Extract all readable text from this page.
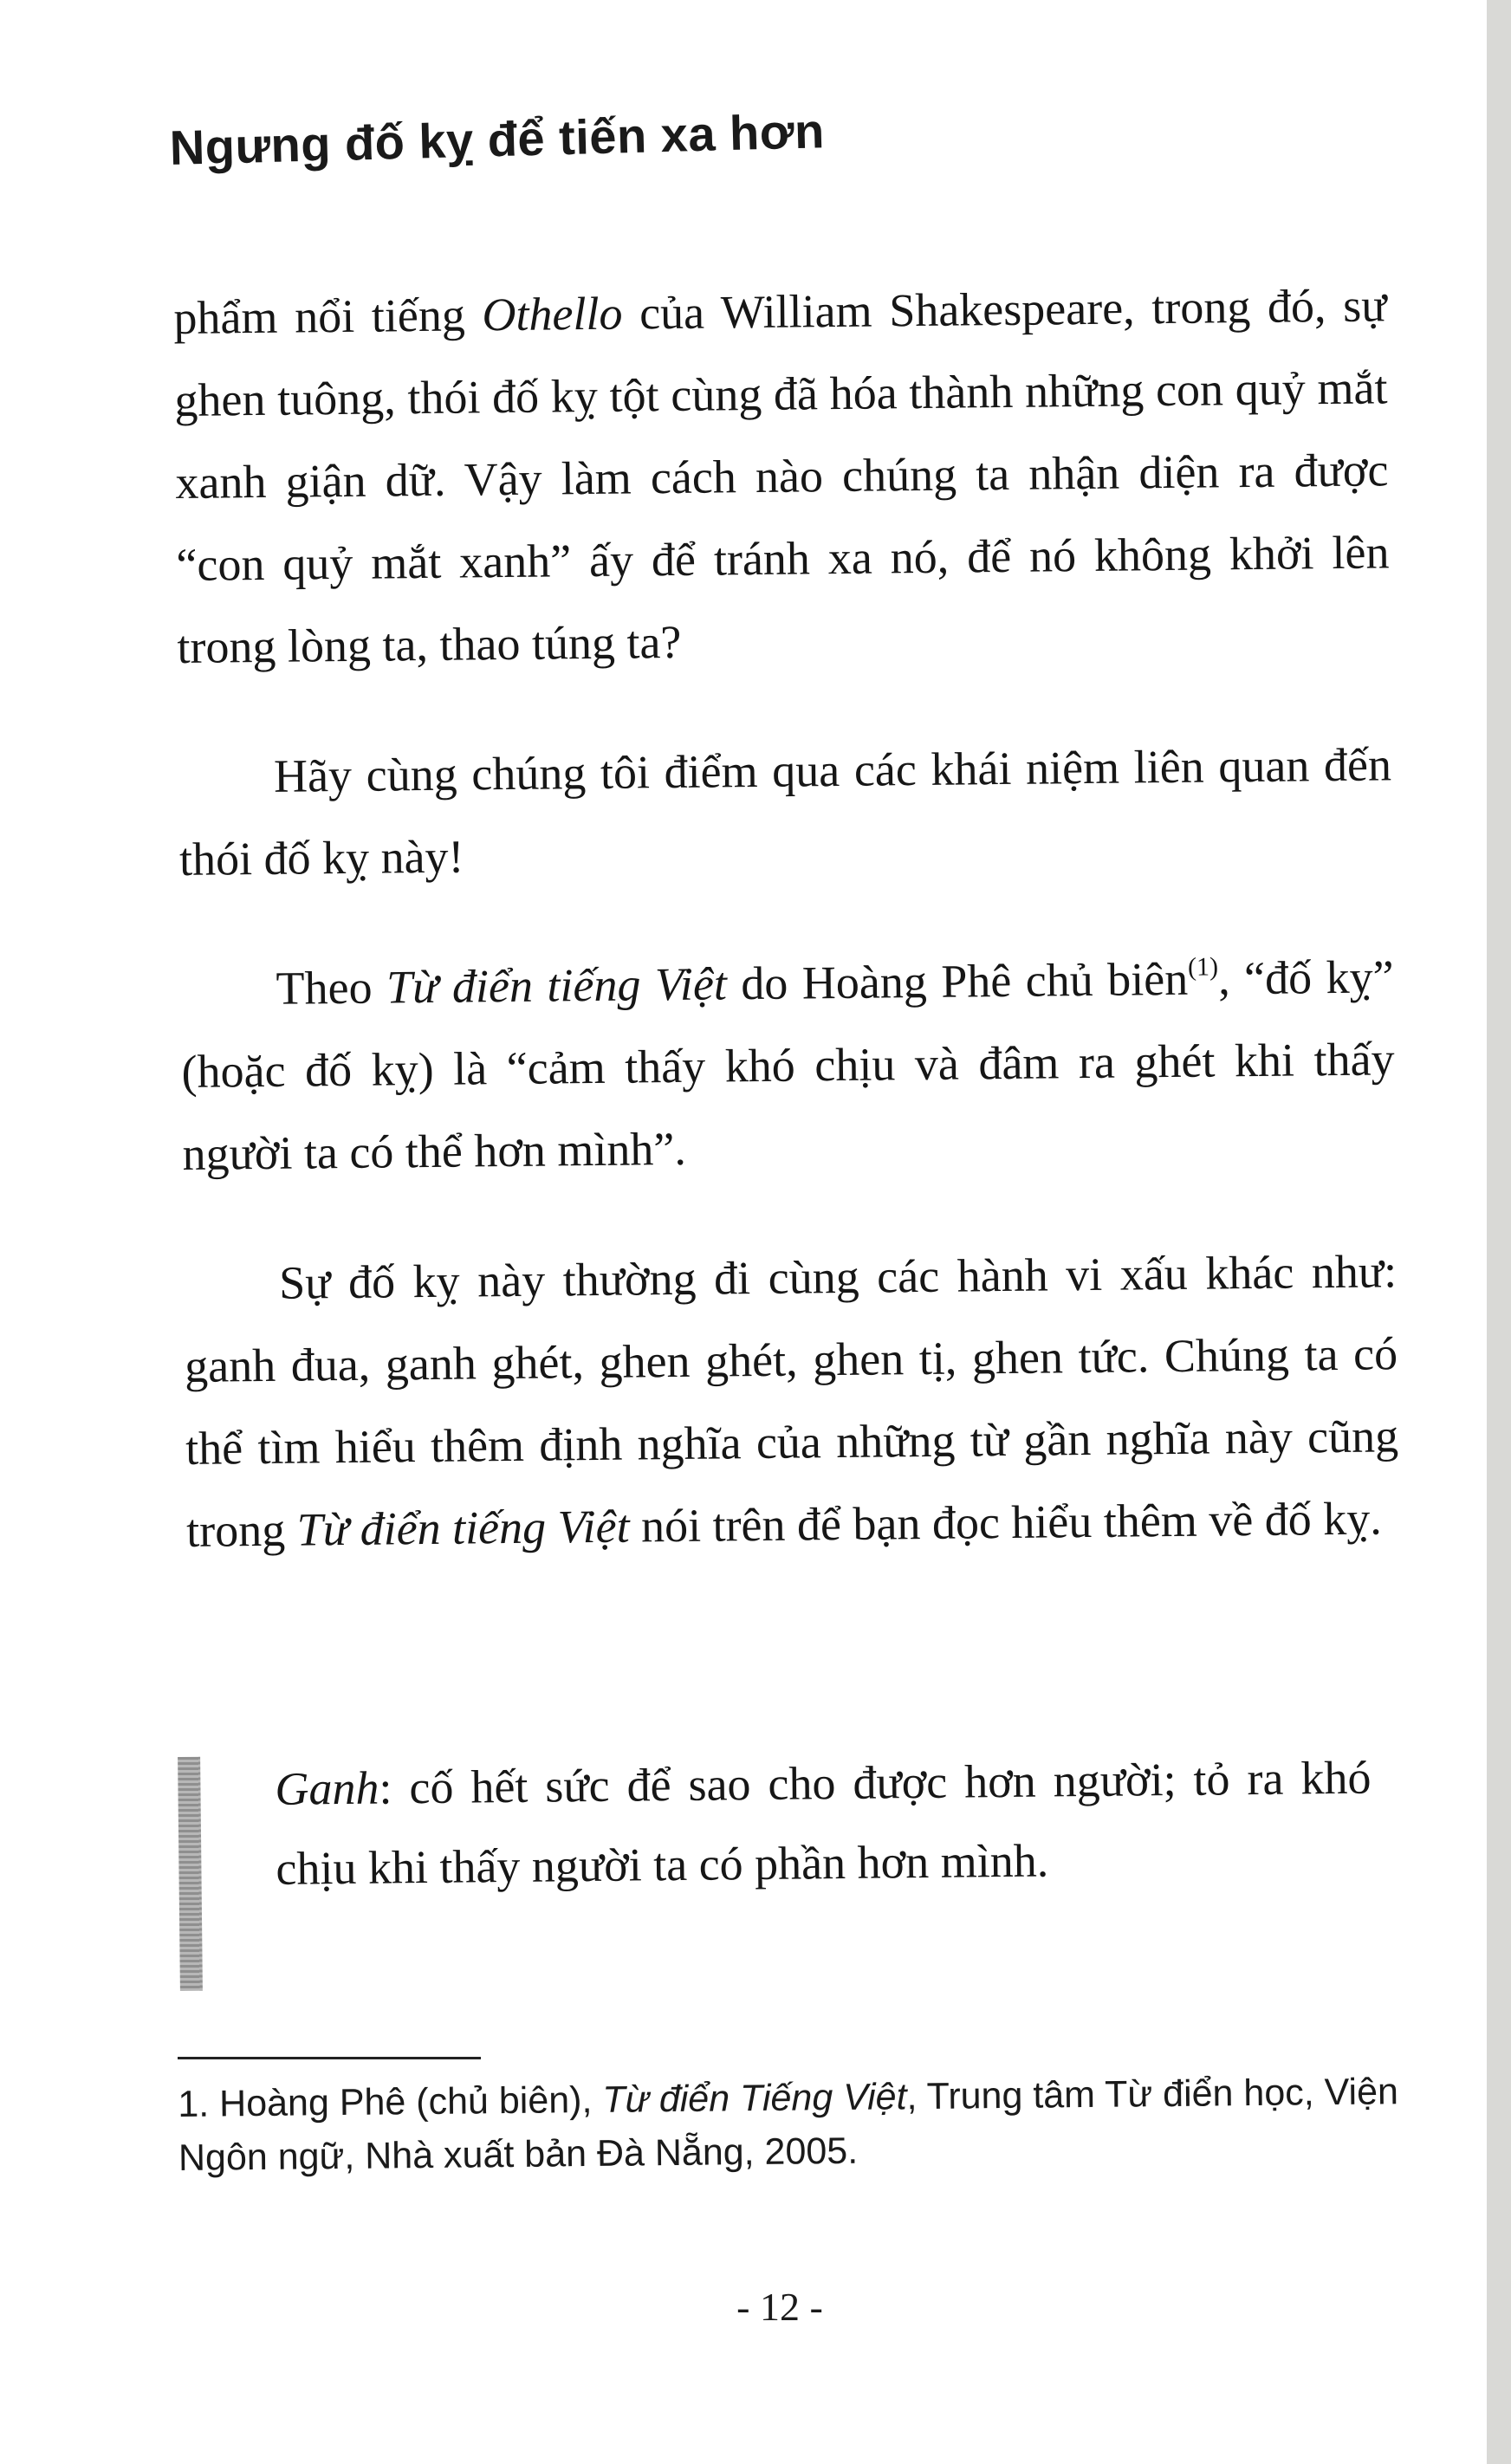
Ngưng đố kỵ để tiến xa hơn

phẩm nổi tiếng Othello của William Shakespeare, trong đó, sự ghen tuông, thói đố kỵ tột cùng đã hóa thành những con quỷ mắt xanh giận dữ. Vậy làm cách nào chúng ta nhận diện ra được “con quỷ mắt xanh” ấy để tránh xa nó, để nó không khởi lên trong lòng ta, thao túng ta?

Hãy cùng chúng tôi điểm qua các khái niệm liên quan đến thói đố kỵ này!

Theo Từ điển tiếng Việt do Hoàng Phê chủ biên$^{(1)}$, “đố kỵ” (hoặc đố kỵ) là “cảm thấy khó chịu và đâm ra ghét khi thấy người ta có thể hơn mình”.

Sự đố kỵ này thường đi cùng các hành vi xấu khác như: ganh đua, ganh ghét, ghen ghét, ghen tị, ghen tức. Chúng ta có thể tìm hiểu thêm định nghĩa của những từ gần nghĩa này cũng trong Từ điển tiếng Việt nói trên để bạn đọc hiểu thêm về đố kỵ.

Ganh: cố hết sức để sao cho được hơn người; tỏ ra khó chịu khi thấy người ta có phần hơn mình.

1. Hoàng Phê (chủ biên), Từ điển Tiếng Việt, Trung tâm Từ điển học, Viện Ngôn ngữ, Nhà xuất bản Đà Nẵng, 2005.

- 12 -
